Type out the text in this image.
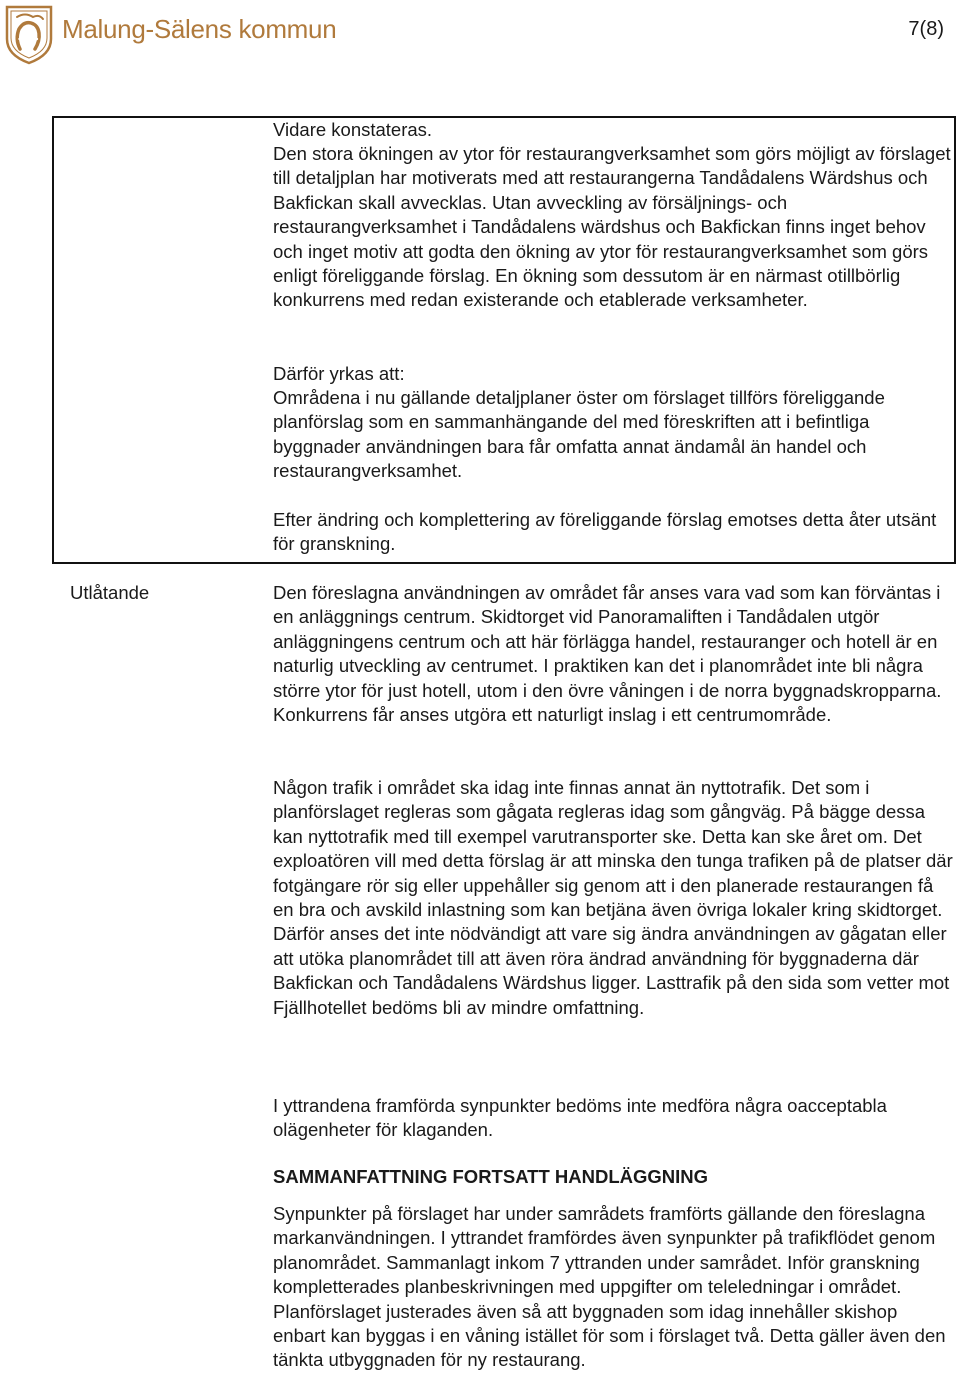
Malung-Sälens kommun	7(8)

Vidare konstateras.

Den stora ökningen av ytor för restaurangverksamhet som görs möjligt av förslaget till detaljplan har motiverats med att restaurangerna Tandådalens Wärdshus och Bakfickan skall avvecklas. Utan avveckling av försäljnings- och restaurangverksamhet i Tandådalens wärdshus och Bakfickan finns inget behov och inget motiv att godta den ökning av ytor för restaurangverksamhet som görs enligt föreliggande förslag. En ökning som dessutom är en närmast otillbörlig konkurrens med redan existerande och etablerade verksamheter.

Därför yrkas att:

Områdena i nu gällande detaljplaner öster om förslaget tillförs föreliggande planförslag som en sammanhängande del med föreskriften att i befintliga byggnader användningen bara får omfatta annat ändamål än handel och restaurangverksamhet.

Efter ändring och komplettering av föreliggande förslag emotses detta åter utsänt för granskning.

Utlåtande	Den föreslagna användningen av området får anses vara vad som kan förväntas i en anläggnings centrum. Skidtorget vid Panoramaliften i Tandådalen utgör anläggningens centrum och att här förlägga handel, restauranger och hotell är en naturlig utveckling av centrumet. I praktiken kan det i planområdet inte bli några större ytor för just hotell, utom i den övre våningen i de norra byggnadskropparna. Konkurrens får anses utgöra ett naturligt inslag i ett centrumområde.

Någon trafik i området ska idag inte finnas annat än nyttotrafik. Det som i planförslaget regleras som gågata regleras idag som gångväg. På bägge dessa kan nyttotrafik med till exempel varutransporter ske. Detta kan ske året om. Det exploatören vill med detta förslag är att minska den tunga trafiken på de platser där fotgängare rör sig eller uppehåller sig genom att i den planerade restaurangen få en bra och avskild inlastning som kan betjäna även övriga lokaler kring skidtorget. Därför anses det inte nödvändigt att vare sig ändra användningen av gågatan eller att utöka planområdet till att även röra ändrad användning för byggnaderna där Bakfickan och Tandådalens Wärdshus ligger. Lasttrafik på den sida som vetter mot Fjällhotellet bedöms bli av mindre omfattning.

I yttrandena framförda synpunkter bedöms inte medföra några oacceptabla olägenheter för klaganden.

SAMMANFATTNING FORTSATT HANDLÄGGNING

Synpunkter på förslaget har under samrådets framförts gällande den föreslagna markanvändningen. I yttrandet framfördes även synpunkter på trafikflödet genom planområdet. Sammanlagt inkom 7 yttranden under samrådet. Inför granskning kompletterades planbeskrivningen med uppgifter om teleledningar i området. Planförslaget justerades även så att byggnaden som idag innehåller skishop enbart kan byggas i en våning istället för som i förslaget två. Detta gäller även den tänkta utbyggnaden för ny restaurang.
